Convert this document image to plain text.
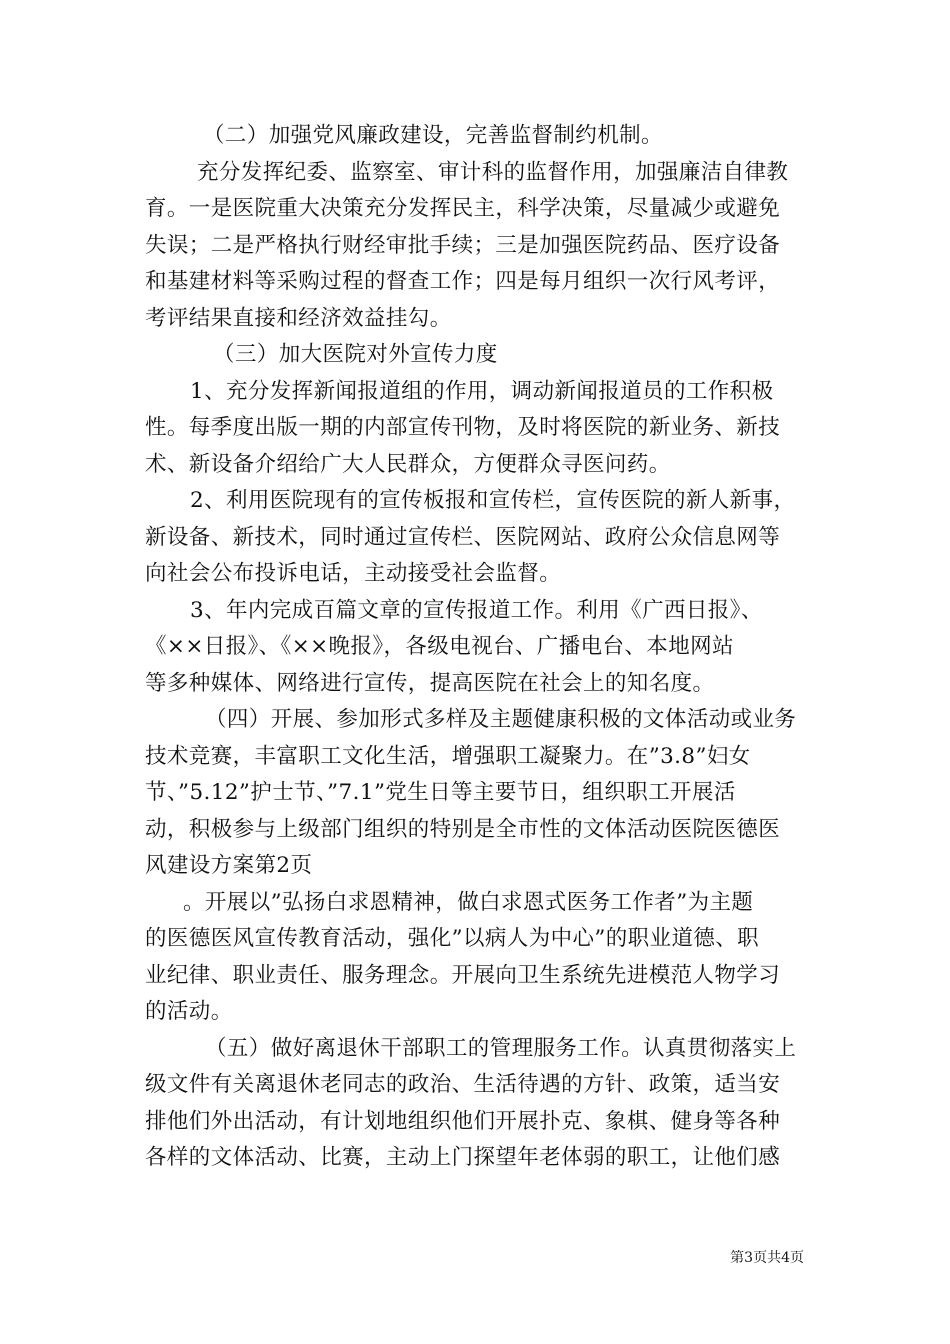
（二）加强党风廉政建设，完善监督制约机制。
充分发挥纪委、监察室、审计科的监督作用，加强廉洁自律教
育。一是医院重大决策充分发挥民主，科学决策，尽量减少或避免
失误；二是严格执行财经审批手续；三是加强医院药品、医疗设备
和基建材料等采购过程的督查工作；四是每月组织一次行风考评，
考评结果直接和经济效益挂勾。
（三）加大医院对外宣传力度
1、充分发挥新闻报道组的作用，调动新闻报道员的工作积极
性。每季度出版一期的内部宣传刊物，及时将医院的新业务、新技
术、新设备介绍给广大人民群众，方便群众寻医问药。
2、利用医院现有的宣传板报和宣传栏，宣传医院的新人新事，
新设备、新技术，同时通过宣传栏、医院网站、政府公众信息网等
向社会公布投诉电话，主动接受社会监督。
3、年内完成百篇文章的宣传报道工作。利用《广西日报》、
《××日报》、《××晚报》，各级电视台、广播电台、本地网站
等多种媒体、网络进行宣传，提高医院在社会上的知名度。
（四）开展、参加形式多样及主题健康积极的文体活动或业务
技术竞赛，丰富职工文化生活，增强职工凝聚力。在”3.8”妇女
节、”5.12”护士节、”7.1”党生日等主要节日，组织职工开展活
动，积极参与上级部门组织的特别是全市性的文体活动医院医德医
风建设方案第2页
。开展以”弘扬白求恩精神，做白求恩式医务工作者”为主题
的医德医风宣传教育活动，强化”以病人为中心”的职业道德、职
业纪律、职业责任、服务理念。开展向卫生系统先进模范人物学习
的活动。
（五）做好离退休干部职工的管理服务工作。认真贯彻落实上
级文件有关离退休老同志的政治、生活待遇的方针、政策，适当安
排他们外出活动，有计划地组织他们开展扑克、象棋、健身等各种
各样的文体活动、比赛，主动上门探望年老体弱的职工，让他们感
第3页共4页
